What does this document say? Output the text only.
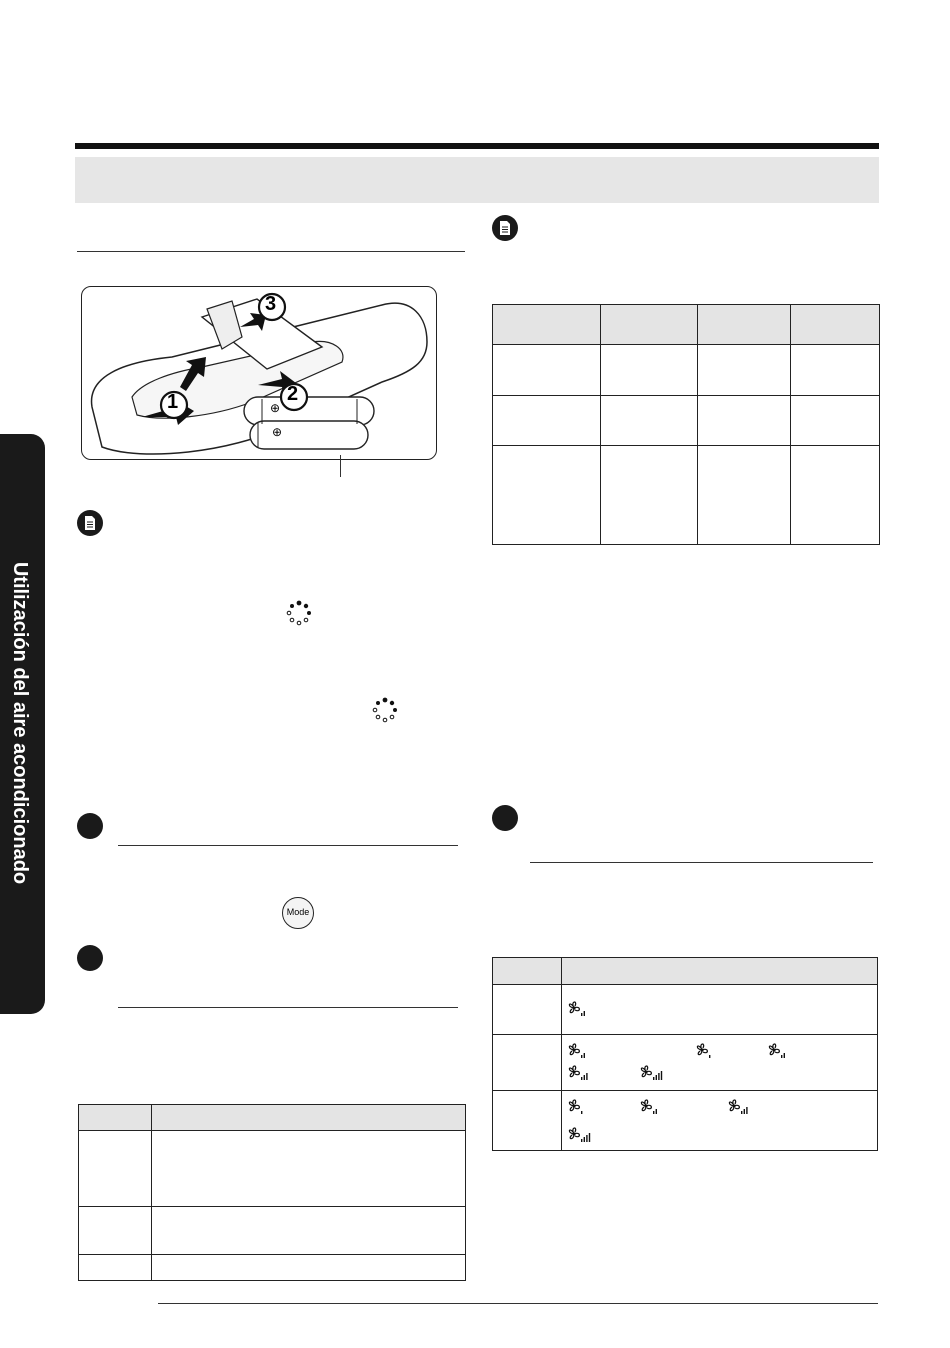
Utilización del aire acondicionado
1	2
3
⊕
⊕
Mode
